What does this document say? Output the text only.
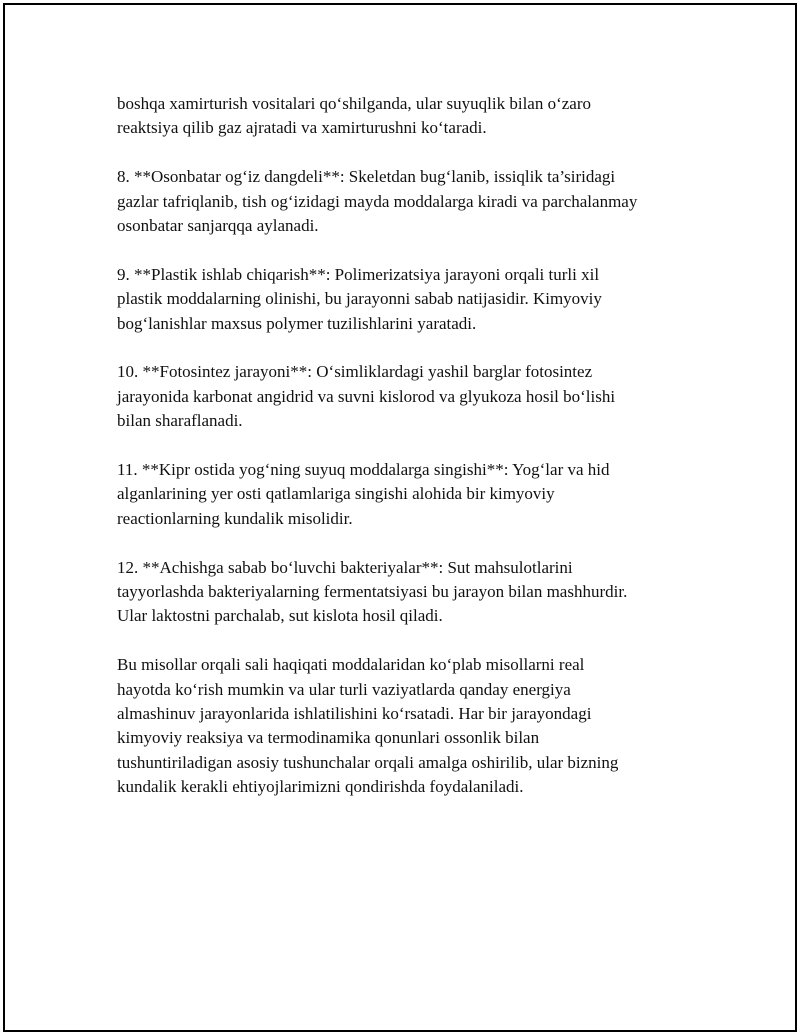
boshqa xamirturish vositalari qo‘shilganda, ular suyuqlik bilan o‘zaro
reaktsiya qilib gaz ajratadi va xamirturushni ko‘taradi.

8. **Osonbatar og‘iz dangdeli**: Skeletdan bug‘lanib, issiqlik ta’siridagi
gazlar tafriqlanib, tish og‘izidagi mayda moddalarga kiradi va parchalanmay
osonbatar sanjarqqa aylanadi.

9. **Plastik ishlab chiqarish**: Polimerizatsiya jarayoni orqali turli xil
plastik moddalarning olinishi, bu jarayonni sabab natijasidir. Kimyoviy
bog‘lanishlar maxsus polymer tuzilishlarini yaratadi.

10. **Fotosintez jarayoni**: O‘simliklardagi yashil barglar fotosintez
jarayonida karbonat angidrid va suvni kislorod va glyukoza hosil bo‘lishi
bilan sharaflanadi.

11. **Kipr ostida yog‘ning suyuq moddalarga singishi**: Yog‘lar va hid
alganlarining yer osti qatlamlariga singishi alohida bir kimyoviy
reactionlarning kundalik misolidir.

12. **Achishga sabab bo‘luvchi bakteriyalar**: Sut mahsulotlarini
tayyorlashda bakteriyalarning fermentatsiyasi bu jarayon bilan mashhurdir.
Ular laktostni parchalab, sut kislota hosil qiladi.

Bu misollar orqali sali haqiqati moddalaridan ko‘plab misollarni real
hayotda ko‘rish mumkin va ular turli vaziyatlarda qanday energiya
almashinuv jarayonlarida ishlatilishini ko‘rsatadi. Har bir jarayondagi
kimyoviy reaksiya va termodinamika qonunlari ossonlik bilan
tushuntiriladigan asosiy tushunchalar orqali amalga oshirilib, ular bizning
kundalik kerakli ehtiyojlarimizni qondirishda foydalaniladi.
